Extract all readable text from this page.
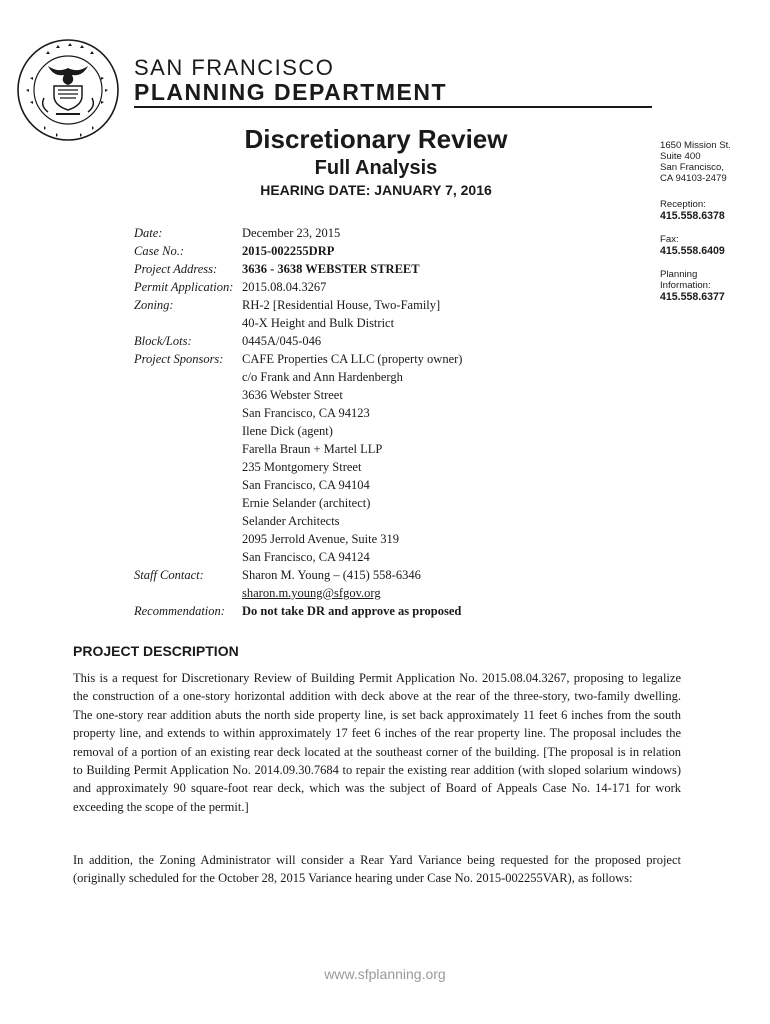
SAN FRANCISCO
PLANNING DEPARTMENT
Discretionary Review
Full Analysis
HEARING DATE: JANUARY 7, 2016
1650 Mission St.
Suite 400
San Francisco,
CA 94103-2479
Reception:
415.558.6378
Fax:
415.558.6409
Planning
Information:
415.558.6377
Date:	December 23, 2015
Case No.:	2015-002255DRP
Project Address:	3636 - 3638 WEBSTER STREET
Permit Application: 2015.08.04.3267
Zoning:	RH-2 [Residential House, Two-Family]
40-X Height and Bulk District
Block/Lots:	0445A/045-046
Project Sponsors:	CAFE Properties CA LLC (property owner)
c/o Frank and Ann Hardenbergh
3636 Webster Street
San Francisco, CA 94123
Ilene Dick (agent)
Farella Braun + Martel LLP
235 Montgomery Street
San Francisco, CA 94104
Ernie Selander (architect)
Selander Architects
2095 Jerrold Avenue, Suite 319
San Francisco, CA 94124
Staff Contact:	Sharon M. Young – (415) 558-6346
sharon.m.young@sfgov.org
Recommendation:	Do not take DR and approve as proposed
PROJECT DESCRIPTION
This is a request for Discretionary Review of Building Permit Application No. 2015.08.04.3267, proposing to legalize the construction of a one-story horizontal addition with deck above at the rear of the three-story, two-family dwelling. The one-story rear addition abuts the north side property line, is set back approximately 11 feet 6 inches from the south property line, and extends to within approximately 17 feet 6 inches of the rear property line. The proposal includes the removal of a portion of an existing rear deck located at the southeast corner of the building. [The proposal is in relation to Building Permit Application No. 2014.09.30.7684 to repair the existing rear addition (with sloped solarium windows) and approximately 90 square-foot rear deck, which was the subject of Board of Appeals Case No. 14-171 for work exceeding the scope of the permit.]
In addition, the Zoning Administrator will consider a Rear Yard Variance being requested for the proposed project (originally scheduled for the October 28, 2015 Variance hearing under Case No. 2015-002255VAR), as follows:
www.sfplanning.org
